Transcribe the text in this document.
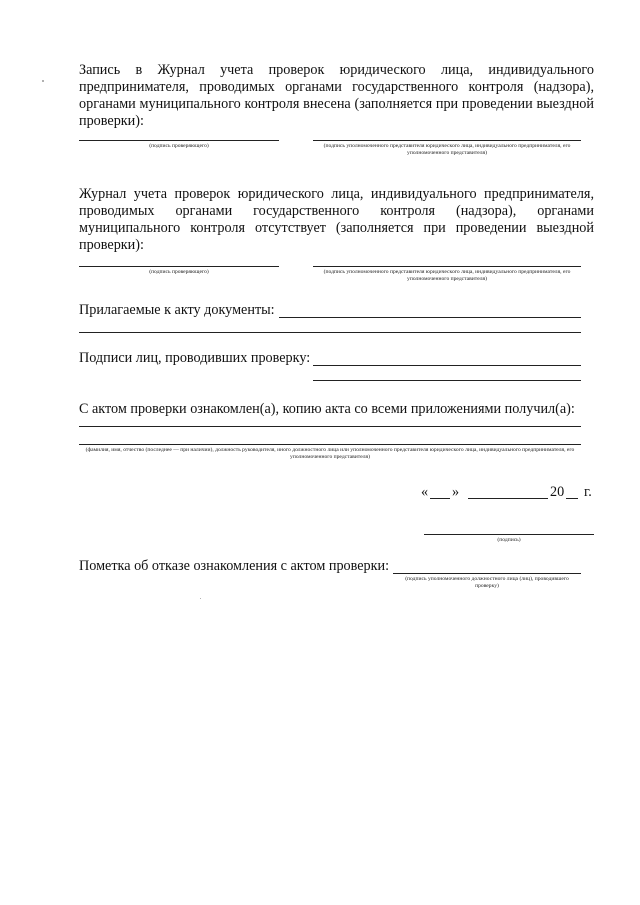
Запись в Журнал учета проверок юридического лица, индивидуального предпринимателя, проводимых органами государственного контроля (надзора), органами муниципального контроля внесена (заполняется при проведении выездной проверки):
(подпись проверяющего)	(подпись уполномоченного представителя юридического лица, индивидуального предпринимателя, его уполномоченного представителя)
Журнал учета проверок юридического лица, индивидуального предпринимателя, проводимых органами государственного контроля (надзора), органами муниципального контроля отсутствует (заполняется при проведении выездной проверки):
(подпись проверяющего)	(подпись уполномоченного представителя юридического лица, индивидуального предпринимателя, его уполномоченного представителя)
Прилагаемые к акту документы:
Подписи лиц, проводивших проверку:
С актом проверки ознакомлен(а), копию акта со всеми приложениями получил(а):
(фамилия, имя, отчество (последнее — при наличии), должность руководителя, иного должностного лица или уполномоченного представителя юридического лица, индивидуального предпринимателя, его уполномоченного представителя)
« »	20 г.
(подпись)
Пометка об отказе ознакомления с актом проверки:
(подпись уполномоченного должностного лица (лиц), проводившего проверку)
